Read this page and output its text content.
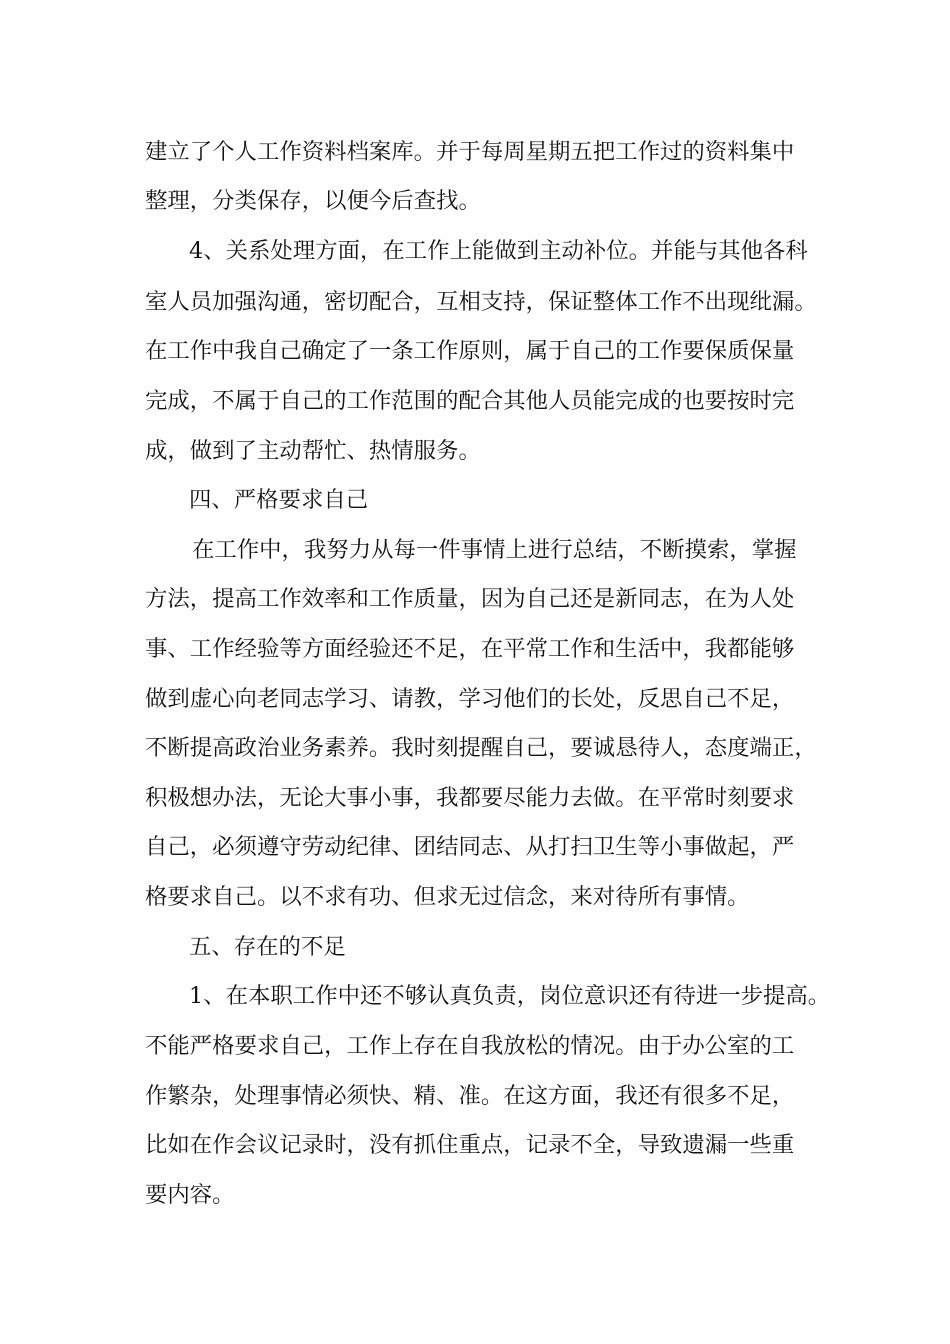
建立了个人工作资料档案库。并于每周星期五把工作过的资料集中
整理，分类保存，以便今后查找。
4、关系处理方面，在工作上能做到主动补位。并能与其他各科
室人员加强沟通，密切配合，互相支持，保证整体工作不出现纰漏。
在工作中我自己确定了一条工作原则，属于自己的工作要保质保量
完成，不属于自己的工作范围的配合其他人员能完成的也要按时完
成，做到了主动帮忙、热情服务。
四、严格要求自己
在工作中，我努力从每一件事情上进行总结，不断摸索，掌握
方法，提高工作效率和工作质量，因为自己还是新同志，在为人处
事、工作经验等方面经验还不足，在平常工作和生活中，我都能够
做到虚心向老同志学习、请教，学习他们的长处，反思自己不足，
不断提高政治业务素养。我时刻提醒自己，要诚恳待人，态度端正，
积极想办法，无论大事小事，我都要尽能力去做。在平常时刻要求
自己，必须遵守劳动纪律、团结同志、从打扫卫生等小事做起，严
格要求自己。以不求有功、但求无过信念，来对待所有事情。
五、存在的不足
1、在本职工作中还不够认真负责，岗位意识还有待进一步提高。
不能严格要求自己，工作上存在自我放松的情况。由于办公室的工
作繁杂，处理事情必须快、精、准。在这方面，我还有很多不足，
比如在作会议记录时，没有抓住重点，记录不全，导致遗漏一些重
要内容。
